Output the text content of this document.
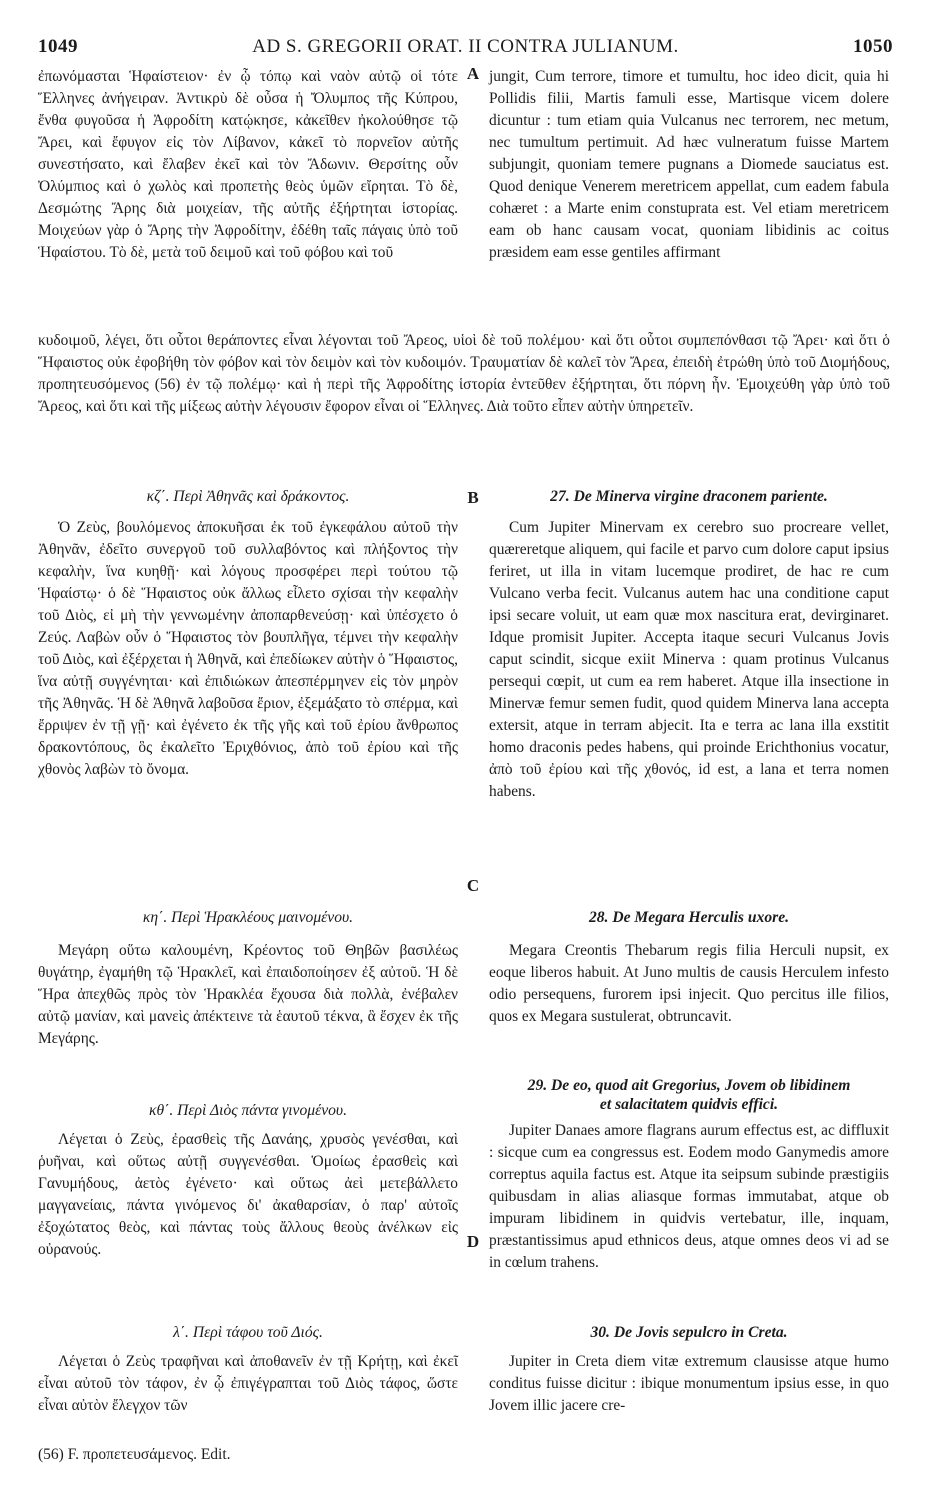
1049	AD S. GREGORII ORAT. II CONTRA JULIANUM.	1050

ἐπωνόμασται Ἡφαίστειον· ἐν ᾧ τόπῳ καὶ ναὸν αὐτῷ οἱ τότε Ἕλληνες ἀνήγειραν. Ἀντικρὺ δὲ οὖσα ἡ Ὄλυμπος τῆς Κύπρου, ἔνθα φυγοῦσα ἡ Ἀφροδίτη κατῴκησε, κἀκεῖθεν ἠκολούθησε τῷ Ἄρει, καὶ ἔφυγον εἰς τὸν Λίβανον, κἀκεῖ τὸ πορνεῖον αὐτῆς συνεστήσατο, καὶ ἔλαβεν ἐκεῖ καὶ τὸν Ἄδωνιν. Θερσίτης οὖν Ὀλύμπιος καὶ ὁ χωλὸς καὶ προπετὴς θεὸς ὑμῶν εἴρηται. Τὸ δὲ, Δεσμώτης Ἄρης διὰ μοιχείαν, τῆς αὐτῆς ἐξήρτηται ἱστορίας. Μοιχεύων γὰρ ὁ Ἄρης τὴν Ἀφροδίτην, ἐδέθη ταῖς πάγαις ὑπὸ τοῦ Ἡφαίστου. Τὸ δὲ, μετὰ τοῦ δειμοῦ καὶ τοῦ φόβου καὶ τοῦ

A jungit, Cum terrore, timore et tumultu, hoc ideo dicit, quia hi Pollidis filii, Martis famuli esse, Martisque vicem dolere dicuntur : tum etiam quia Vulcanus nec terrorem, nec metum, nec tumultum pertimuit. Ad hæc vulneratum fuisse Martem subjungit, quoniam temere pugnans a Diomede sauciatus est. Quod denique Venerem meretricem appellat, cum eadem fabula cohæret : a Marte enim constuprata est. Vel etiam meretricem eam ob hanc causam vocat, quoniam libidinis ac coitus præsidem eam esse gentiles affirmant

κυδοιμοῦ, λέγει, ὅτι οὗτοι θεράποντες εἶναι λέγονται τοῦ Ἄρεος, υἱοὶ δὲ τοῦ πολέμου· καὶ ὅτι οὗτοι συμπεπόνθασι τῷ Ἄρει· καὶ ὅτι ὁ Ἥφαιστος οὐκ ἐφοβήθη τὸν φόβον καὶ τὸν δειμὸν καὶ τὸν κυδοιμόν. Τραυματίαν δὲ καλεῖ τὸν Ἄρεα, ἐπειδὴ ἐτρώθη ὑπὸ τοῦ Διομήδους, προπητευσόμενος (56) ἐν τῷ πολέμῳ· καὶ ἡ περὶ τῆς Ἀφροδίτης ἱστορία ἐντεῦθεν ἐξήρτηται, ὅτι πόρνη ἦν. Ἐμοιχεύθη γὰρ ὑπὸ τοῦ Ἄρεος, καὶ ὅτι καὶ τῆς μίξεως αὐτὴν λέγουσιν ἔφορον εἶναι οἱ Ἕλληνες. Διὰ τοῦτο εἶπεν αὐτὴν ὑπηρετεῖν.

B

κζ΄. Περὶ Ἀθηνᾶς καὶ δράκοντος.

Ὁ Ζεὺς, βουλόμενος ἀποκυῆσαι ἐκ τοῦ ἐγκεφάλου αὐτοῦ τὴν Ἀθηνᾶν, ἐδεῖτο συνεργοῦ τοῦ συλλαβόντος καὶ πλήξοντος τὴν κεφαλὴν, ἵνα κυηθῇ· καὶ λόγους προσφέρει περὶ τούτου τῷ Ἡφαίστῳ· ὁ δὲ Ἥφαιστος οὐκ ἄλλως εἶλετο σχίσαι τὴν κεφαλὴν τοῦ Διὸς, εἰ μὴ τὴν γεννωμένην ἀποπαρθενεύσῃ· καὶ ὑπέσχετο ὁ Ζεύς. Λαβὼν οὖν ὁ Ἥφαιστος τὸν βουπλῆγα, τέμνει τὴν κεφαλὴν τοῦ Διὸς, καὶ ἐξέρχεται ἡ Ἀθηνᾶ, καὶ ἐπεδίωκεν αὐτὴν ὁ Ἥφαιστος, ἵνα αὐτῇ συγγένηται· καὶ ἐπιδιώκων ἀπεσπέρμηνεν εἰς τὸν μηρὸν τῆς Ἀθηνᾶς. Ἡ δὲ Ἀθηνᾶ λαβοῦσα ἔριον, ἐξεμάξατο τὸ σπέρμα, καὶ ἔρριψεν ἐν τῇ γῇ· καὶ ἐγένετο ἐκ τῆς γῆς καὶ τοῦ ἐρίου ἄνθρωπος δρακοντόπους, ὃς ἐκαλεῖτο Ἐριχθόνιος, ἀπὸ τοῦ ἐρίου καὶ τῆς χθονὸς λαβὼν τὸ ὄνομα.

27. De Minerva virgine draconem pariente.

Cum Jupiter Minervam ex cerebro suo procreare vellet, quæreretque aliquem, qui facile et parvo cum dolore caput ipsius feriret, ut illa in vitam lucemque prodiret, de hac re cum Vulcano verba fecit. Vulcanus autem hac una conditione caput ipsi secare voluit, ut eam quæ mox nascitura erat, devirginaret. Idque promisit Jupiter. Accepta itaque securi Vulcanus Jovis caput scindit, sicque exiit Minerva : quam protinus Vulcanus persequi cœpit, ut cum ea rem haberet. Atque illa insectione in Minervæ femur semen fudit, quod quidem Minerva lana accepta extersit, atque in terram abjecit. Ita e terra ac lana illa exstitit homo draconis pedes habens, qui proinde Erichthonius vocatur, ἀπὸ τοῦ ἐρίου καὶ τῆς χθονός, id est, a lana et terra nomen habens.

C

κη΄. Περὶ Ἡρακλέους μαινομένου.

Μεγάρη οὕτω καλουμένη, Κρέοντος τοῦ Θηβῶν βασιλέως θυγάτηρ, ἐγαμήθη τῷ Ἡρακλεῖ, καὶ ἐπαιδοποίησεν ἐξ αὐτοῦ. Ἡ δὲ Ἥρα ἀπεχθῶς πρὸς τὸν Ἡρακλέα ἔχουσα διὰ πολλὰ, ἐνέβαλεν αὐτῷ μανίαν, καὶ μανεὶς ἀπέκτεινε τὰ ἑαυτοῦ τέκνα, ἃ ἔσχεν ἐκ τῆς Μεγάρης.

28. De Megara Herculis uxore.

Megara Creontis Thebarum regis filia Herculi nupsit, ex eoque liberos habuit. At Juno multis de causis Herculem infesto odio persequens, furorem ipsi injecit. Quo percitus ille filios, quos ex Megara sustulerat, obtruncavit.

κθ΄. Περὶ Διὸς πάντα γινομένου.

Λέγεται ὁ Ζεὺς, ἐρασθεὶς τῆς Δανάης, χρυσὸς γενέσθαι, καὶ ῥυῆναι, καὶ οὕτως αὐτῇ συγγενέσθαι. Ὁμοίως ἐρασθεὶς καὶ Γανυμήδους, ἀετὸς ἐγένετο· καὶ οὕτως ἀεὶ μετεβάλλετο μαγγανείαις, πάντα γινόμενος δι' ἀκαθαρσίαν, ὁ παρ' αὐτοῖς ἐξοχώτατος θεὸς, καὶ πάντας τοὺς ἄλλους θεοὺς ἀνέλκων εἰς οὐρανούς.

29. De eo, quod ait Gregorius, Jovem ob libidinem

et salacitatem quidvis effici.

Jupiter Danaes amore flagrans aurum effectus est, ac diffluxit : sicque cum ea congressus est. Eodem modo Ganymedis amore correptus aquila factus est. Atque ita seipsum subinde præstigiis quibusdam in alias aliasque formas immutabat, atque ob impuram libidinem in quidvis vertebatur, ille, inquam, præstantissimus apud ethnicos deus, atque omnes deos vi ad se in cœlum trahens.

D

λ΄. Περὶ τάφου τοῦ Διός.

Λέγεται ὁ Ζεὺς τραφῆναι καὶ ἀποθανεῖν ἐν τῇ Κρήτῃ, καὶ ἐκεῖ εἶναι αὐτοῦ τὸν τάφον, ἐν ᾧ ἐπιγέγραπται τοῦ Διὸς τάφος, ὥστε εἶναι αὐτὸν ἔλεγχον τῶν

30. De Jovis sepulcro in Creta.

Jupiter in Creta diem vitæ extremum clausisse atque humo conditus fuisse dicitur : ibique monumentum ipsius esse, in quo Jovem illic jacere cre-

(56) F. προπετευσάμενος. Edit.
